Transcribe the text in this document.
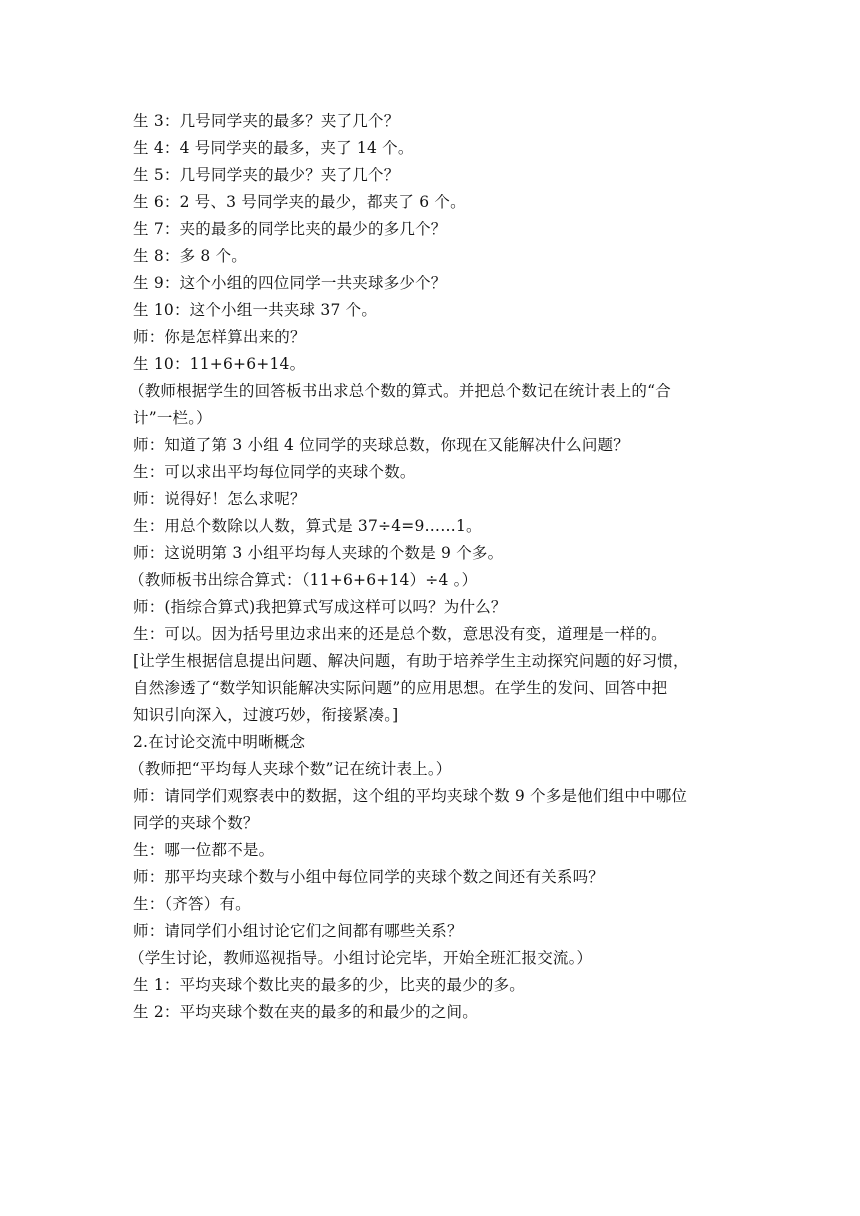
生 3：几号同学夹的最多？夹了几个？

生 4：4 号同学夹的最多，夹了 14 个。

生 5：几号同学夹的最少？夹了几个？

生 6：2 号、3 号同学夹的最少，都夹了 6 个。

生 7：夹的最多的同学比夹的最少的多几个？

生 8：多 8 个。

生 9：这个小组的四位同学一共夹球多少个？

生 10：这个小组一共夹球 37 个。

师：你是怎样算出来的？

生 10：11+6+6+14。

（教师根据学生的回答板书出求总个数的算式。并把总个数记在统计表上的“合

计”一栏。）

师：知道了第 3 小组 4 位同学的夹球总数，你现在又能解决什么问题？

生：可以求出平均每位同学的夹球个数。

师：说得好！怎么求呢？

生：用总个数除以人数，算式是 37÷4=9……1。

师：这说明第 3 小组平均每人夹球的个数是 9 个多。

（教师板书出综合算式：（11+6+6+14）÷4 。）

师：(指综合算式)我把算式写成这样可以吗？为什么？

生：可以。因为括号里边求出来的还是总个数，意思没有变，道理是一样的。

[让学生根据信息提出问题、解决问题，有助于培养学生主动探究问题的好习惯，

自然渗透了“数学知识能解决实际问题”的应用思想。在学生的发问、回答中把

知识引向深入，过渡巧妙，衔接紧凑。]

2.在讨论交流中明晰概念

（教师把“平均每人夹球个数”记在统计表上。）

师：请同学们观察表中的数据，这个组的平均夹球个数 9 个多是他们组中中哪位

同学的夹球个数？

生：哪一位都不是。

师：那平均夹球个数与小组中每位同学的夹球个数之间还有关系吗？

生：（齐答）有。

师：请同学们小组讨论它们之间都有哪些关系？

（学生讨论，教师巡视指导。小组讨论完毕，开始全班汇报交流。）

生 1：平均夹球个数比夹的最多的少，比夹的最少的多。

生 2：平均夹球个数在夹的最多的和最少的之间。
